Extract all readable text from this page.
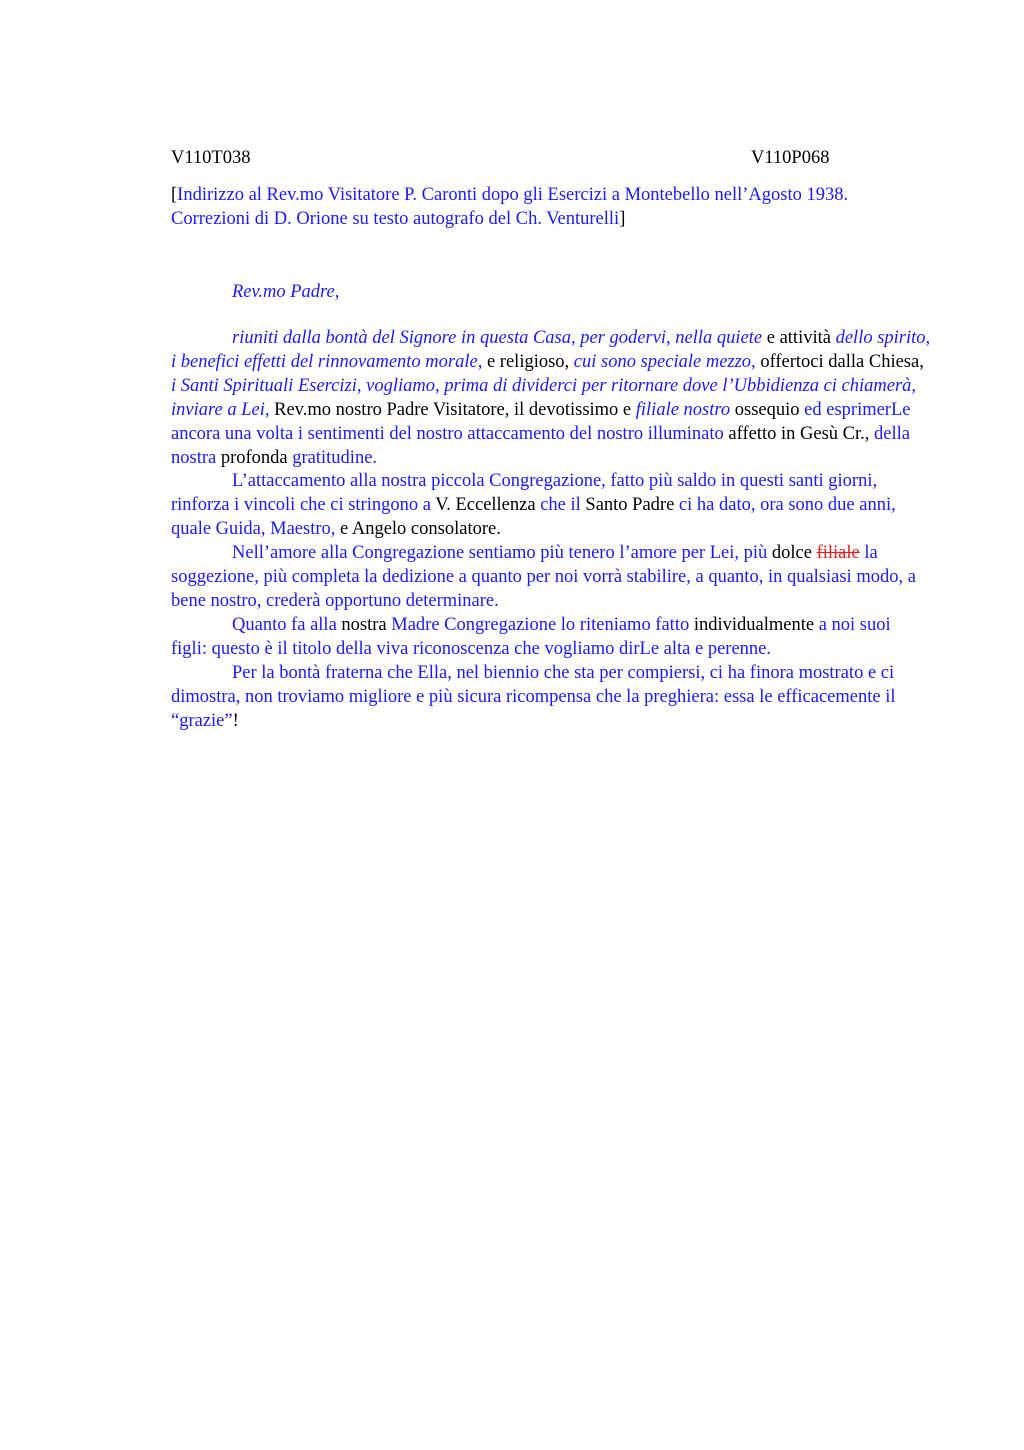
V110T038	V110P068
[Indirizzo al Rev.mo Visitatore P. Caronti dopo gli Esercizi a Montebello nell’Agosto 1938. Correzioni di D. Orione su testo autografo del Ch. Venturelli]
Rev.mo Padre,

riuniti dalla bontà del Signore in questa Casa, per godervi, nella quiete e attività dello spirito, i benefici effetti del rinnovamento morale, e religioso, cui sono speciale mezzo, offertoci dalla Chiesa, i Santi Spirituali Esercizi, vogliamo, prima di dividerci per ritornare dove l’Ubbidienza ci chiamerà, inviare a Lei, Rev.mo nostro Padre Visitatore, il devotissimo e filiale nostro ossequio ed esprimerLe ancora una volta i sentimenti del nostro attaccamento del nostro illuminato affetto in Gesù Cr., della nostra profonda gratitudine.

L’attaccamento alla nostra piccola Congregazione, fatto più saldo in questi santi giorni, rinforza i vincoli che ci stringono a V. Eccellenza che il Santo Padre ci ha dato, ora sono due anni, quale Guida, Maestro, e Angelo consolatore.

Nell’amore alla Congregazione sentiamo più tenero l’amore per Lei, più dolce filiale la soggezione, più completa la dedizione a quanto per noi vorrà stabilire, a quanto, in qualsiasi modo, a bene nostro, crederà opportuno determinare.

Quanto fa alla nostra Madre Congregazione lo riteniamo fatto individualmente a noi suoi figli: questo è il titolo della viva riconoscenza che vogliamo dirLe alta e perenne.

Per la bontà fraterna che Ella, nel biennio che sta per compiersi, ci ha finora mostrato e ci dimostra, non troviamo migliore e più sicura ricompensa che la preghiera: essa le efficacemente il “grazie”!
